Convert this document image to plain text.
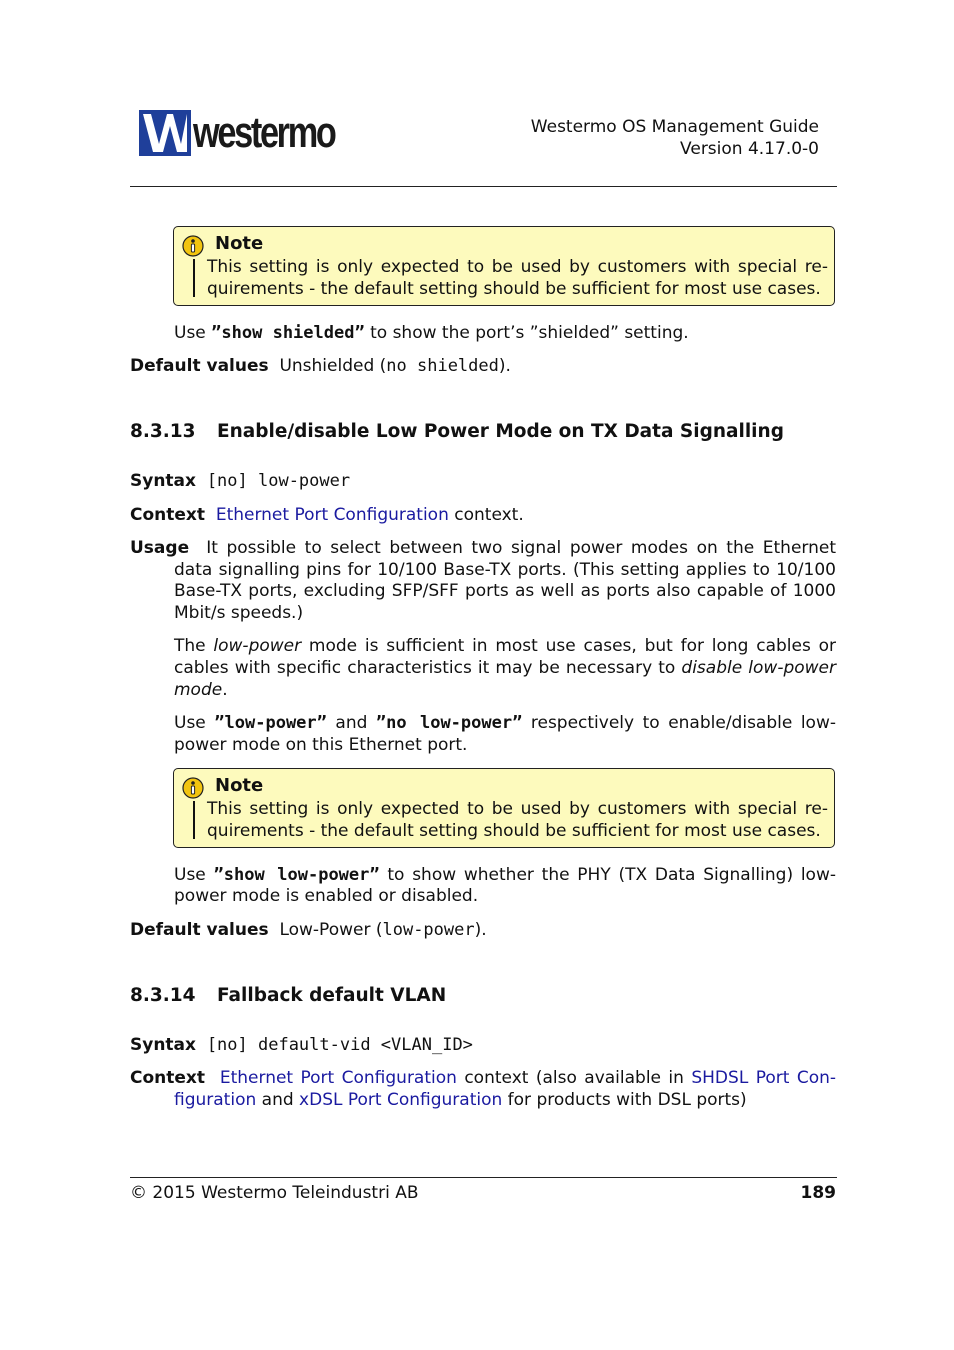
westermo	Westermo OS Management Guide
Version 4.17.0-0
Note
This setting is only expected to be used by customers with special re-
quirements - the default setting should be sufficient for most use cases.
Use ”show shielded” to show the port’s ”shielded” setting.
Default values Unshielded (no shielded).
8.3.13 Enable/disable Low Power Mode on TX Data Signalling
Syntax [no] low-power
Context Ethernet Port Configuration context.
Usage It possible to select between two signal power modes on the Ethernet
data signalling pins for 10/100 Base-TX ports. (This setting applies to 10/100
Base-TX ports, excluding SFP/SFF ports as well as ports also capable of 1000
Mbit/s speeds.)
The low-power mode is sufficient in most use cases, but for long cables or
cables with specific characteristics it may be necessary to disable low-power
mode.
Use ”low-power” and ”no low-power” respectively to enable/disable low-
power mode on this Ethernet port.
Note
This setting is only expected to be used by customers with special re-
quirements - the default setting should be sufficient for most use cases.
Use ”show low-power” to show whether the PHY (TX Data Signalling) low-
power mode is enabled or disabled.
Default values Low-Power (low-power).
8.3.14 Fallback default VLAN
Syntax [no] default-vid <VLAN_ID>
Context Ethernet Port Configuration context (also available in SHDSL Port Con-
figuration and xDSL Port Configuration for products with DSL ports)
© 2015 Westermo Teleindustri AB	189
